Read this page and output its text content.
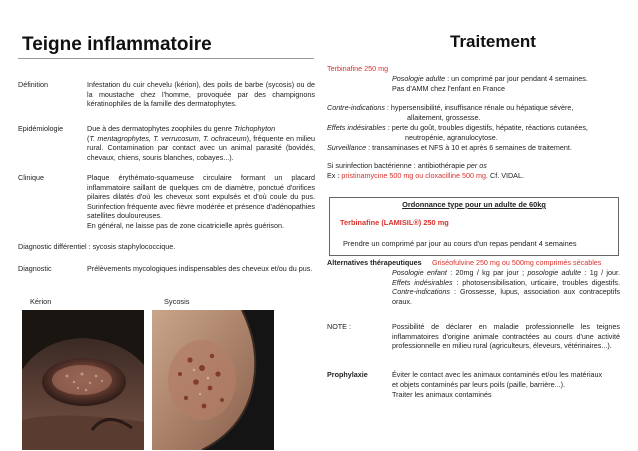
Teigne inflammatoire
Définition	Infestation du cuir chevelu (kérion), des poils de barbe (sycosis) ou de la moustache chez l'homme, provoquée par des champignons kératinophiles de la famille des dermatophytes.
Epidémiologie	Due à des dermatophytes zoophiles du genre Trichophyton
(T. mentagrophytes, T. verrucosum, T. ochraceum), fréquente en milieu rural. Contamination par contact avec un animal parasité (bovidés, chevaux, chiens, souris blanches, cobayes...).
Clinique	Plaque érythémato-squameuse circulaire formant un placard inflammatoire saillant de quelques cm de diamètre, ponctué d'orifices pilaires dilatés d'où les cheveux sont expulsés et d'où coule du pus. Surinfection fréquente avec fièvre modérée et présence d'adénopathies satellites douloureuses.
En général, ne laisse pas de zone cicatricielle après guérison.
Diagnostic différentiel : sycosis staphylococcique.
Diagnostic	Prélèvements mycologiques indispensables des cheveux et/ou du pus.
Kérion	Sycosis
Traitement
Terbinafine 250 mg
Posologie adulte : un comprimé par jour pendant 4 semaines.
Pas d'AMM chez l'enfant en France
Contre-indications : hypersensibilité, insuffisance rénale ou hépatique sévère,
allaitement, grossesse.
Effets indésirables : perte du goût, troubles digestifs, hépatite, réactions cutanées,
neutropénie, agranulocytose.
Surveillance : transaminases et NFS à 10 et après 6 semaines de traitement.
Si surinfection bactérienne : antibiothérapie per os
Ex : pristinamycine 500 mg ou cloxacilline 500 mg. Cf. VIDAL.
Ordonnance type pour un adulte de 60kg
Terbinafine (LAMISIL®) 250 mg
Prendre un comprimé par jour au cours d'un repas pendant 4 semaines
Alternatives thérapeutiques Griséofulvine 250 mg ou 500mg comprimés sécables
Posologie enfant : 20mg / kg par jour ; posologie adulte : 1g / jour. Effets indésirables : photosensibilisation, urticaire, troubles digestifs. Contre-indications : Grossesse, lupus, association aux contraceptifs oraux.
NOTE :	Possibilité de déclarer en maladie professionnelle les teignes inflammatoires d'origine animale contractées au cours d'une activité professionnelle en milieu rural (agriculteurs, éleveurs, vétérinaires...).
Prophylaxie	Éviter le contact avec les animaux contaminés et/ou les matériaux
et objets contaminés par leurs poils (paille, barrière...).
Traiter les animaux contaminés
